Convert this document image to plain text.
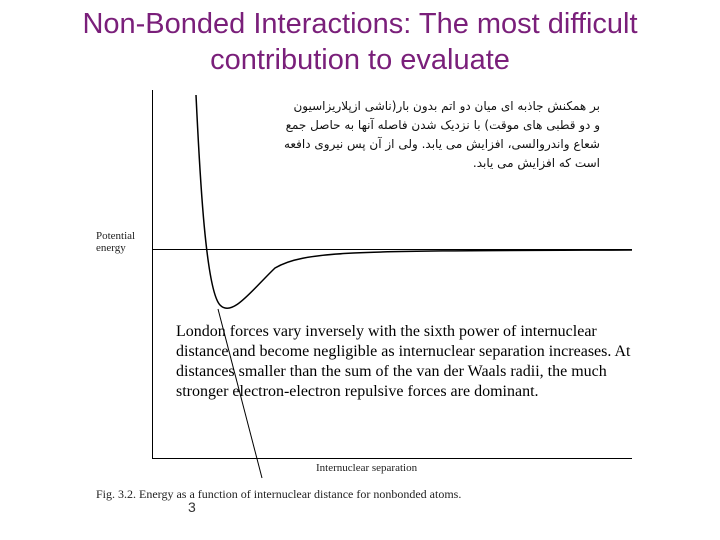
Non-Bonded Interactions: The most difficult
contribution to evaluate
بر همکنش جاذبه ای میان دو اتم بدون بار(ناشی ازپلاریزاسیون
و دو قطبی های موقت) با نزدیک شدن فاصله آنها به حاصل جمع
شعاع واندروالسی، افزایش می یابد. ولی از آن پس نیروی دافعه
است که افزایش می یابد.
Potential
energy
Internuclear separation
London forces vary inversely with the sixth power of internuclear distance and become negligible as internuclear separation increases. At distances smaller than the sum of the van der Waals radii, the much stronger electron-electron repulsive forces are dominant.
Fig. 3.2. Energy as a function of internuclear distance for nonbonded atoms.
3
